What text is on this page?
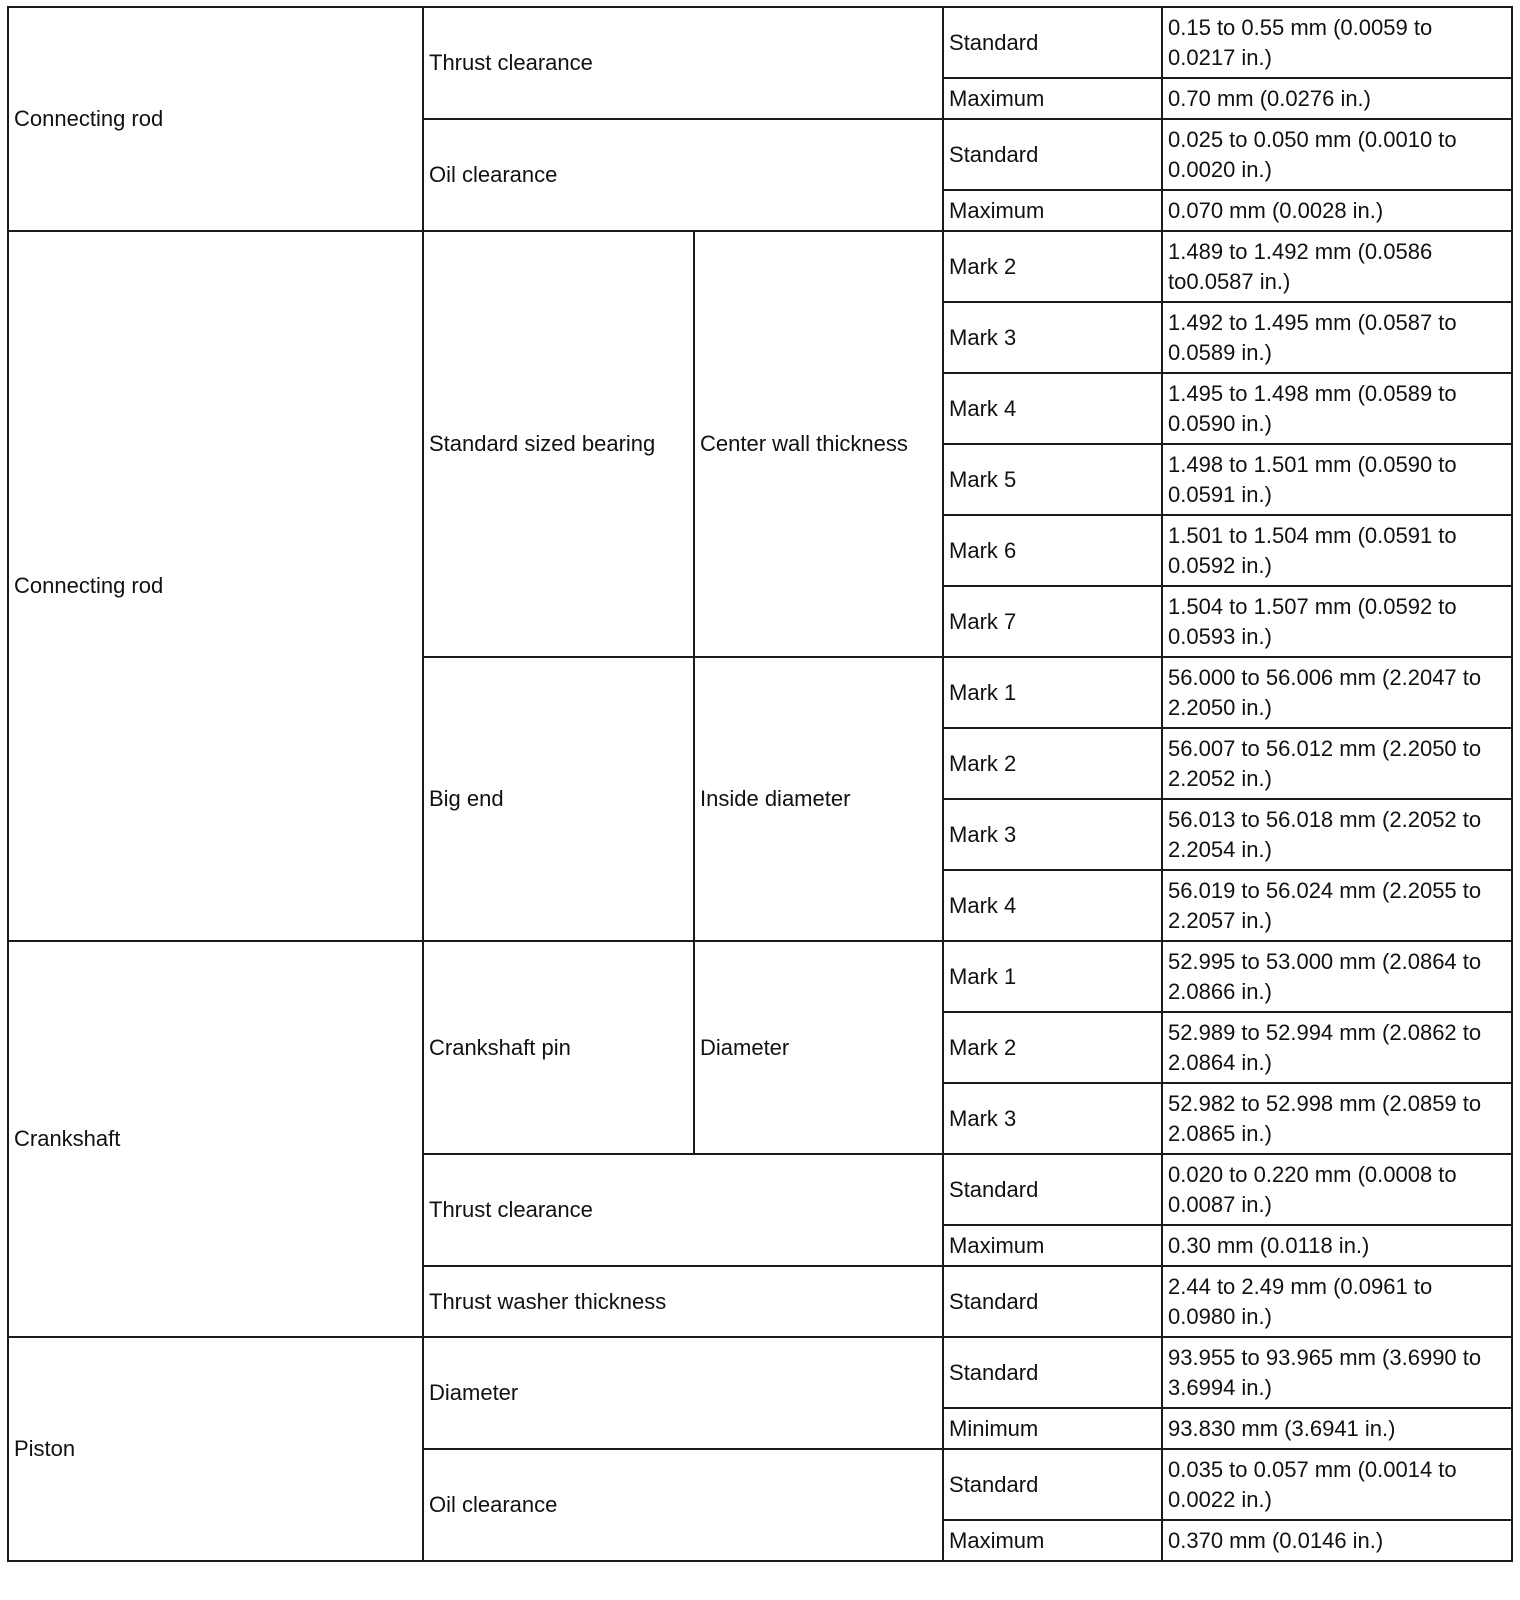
Connecting rod	Thrust clearance		Standard	0.15 to 0.55 mm (0.0059 to 0.0217 in.)
			Maximum	0.70 mm (0.0276 in.)
	Oil clearance		Standard	0.025 to 0.050 mm (0.0010 to 0.0020 in.)
			Maximum	0.070 mm (0.0028 in.)
Connecting rod	Standard sized bearing	Center wall thickness	Mark 2	1.489 to 1.492 mm (0.0586 to0.0587 in.)
			Mark 3	1.492 to 1.495 mm (0.0587 to 0.0589 in.)
			Mark 4	1.495 to 1.498 mm (0.0589 to 0.0590 in.)
			Mark 5	1.498 to 1.501 mm (0.0590 to 0.0591 in.)
			Mark 6	1.501 to 1.504 mm (0.0591 to 0.0592 in.)
			Mark 7	1.504 to 1.507 mm (0.0592 to 0.0593 in.)
	Big end	Inside diameter	Mark 1	56.000 to 56.006 mm (2.2047 to 2.2050 in.)
			Mark 2	56.007 to 56.012 mm (2.2050 to 2.2052 in.)
			Mark 3	56.013 to 56.018 mm (2.2052 to 2.2054 in.)
			Mark 4	56.019 to 56.024 mm (2.2055 to 2.2057 in.)
Crankshaft	Crankshaft pin	Diameter	Mark 1	52.995 to 53.000 mm (2.0864 to 2.0866 in.)
			Mark 2	52.989 to 52.994 mm (2.0862 to 2.0864 in.)
			Mark 3	52.982 to 52.998 mm (2.0859 to 2.0865 in.)
	Thrust clearance		Standard	0.020 to 0.220 mm (0.0008 to 0.0087 in.)
			Maximum	0.30 mm (0.0118 in.)
	Thrust washer thickness		Standard	2.44 to 2.49 mm (0.0961 to 0.0980 in.)
Piston	Diameter		Standard	93.955 to 93.965 mm (3.6990 to 3.6994 in.)
			Minimum	93.830 mm (3.6941 in.)
	Oil clearance		Standard	0.035 to 0.057 mm (0.0014 to 0.0022 in.)
			Maximum	0.370 mm (0.0146 in.)
